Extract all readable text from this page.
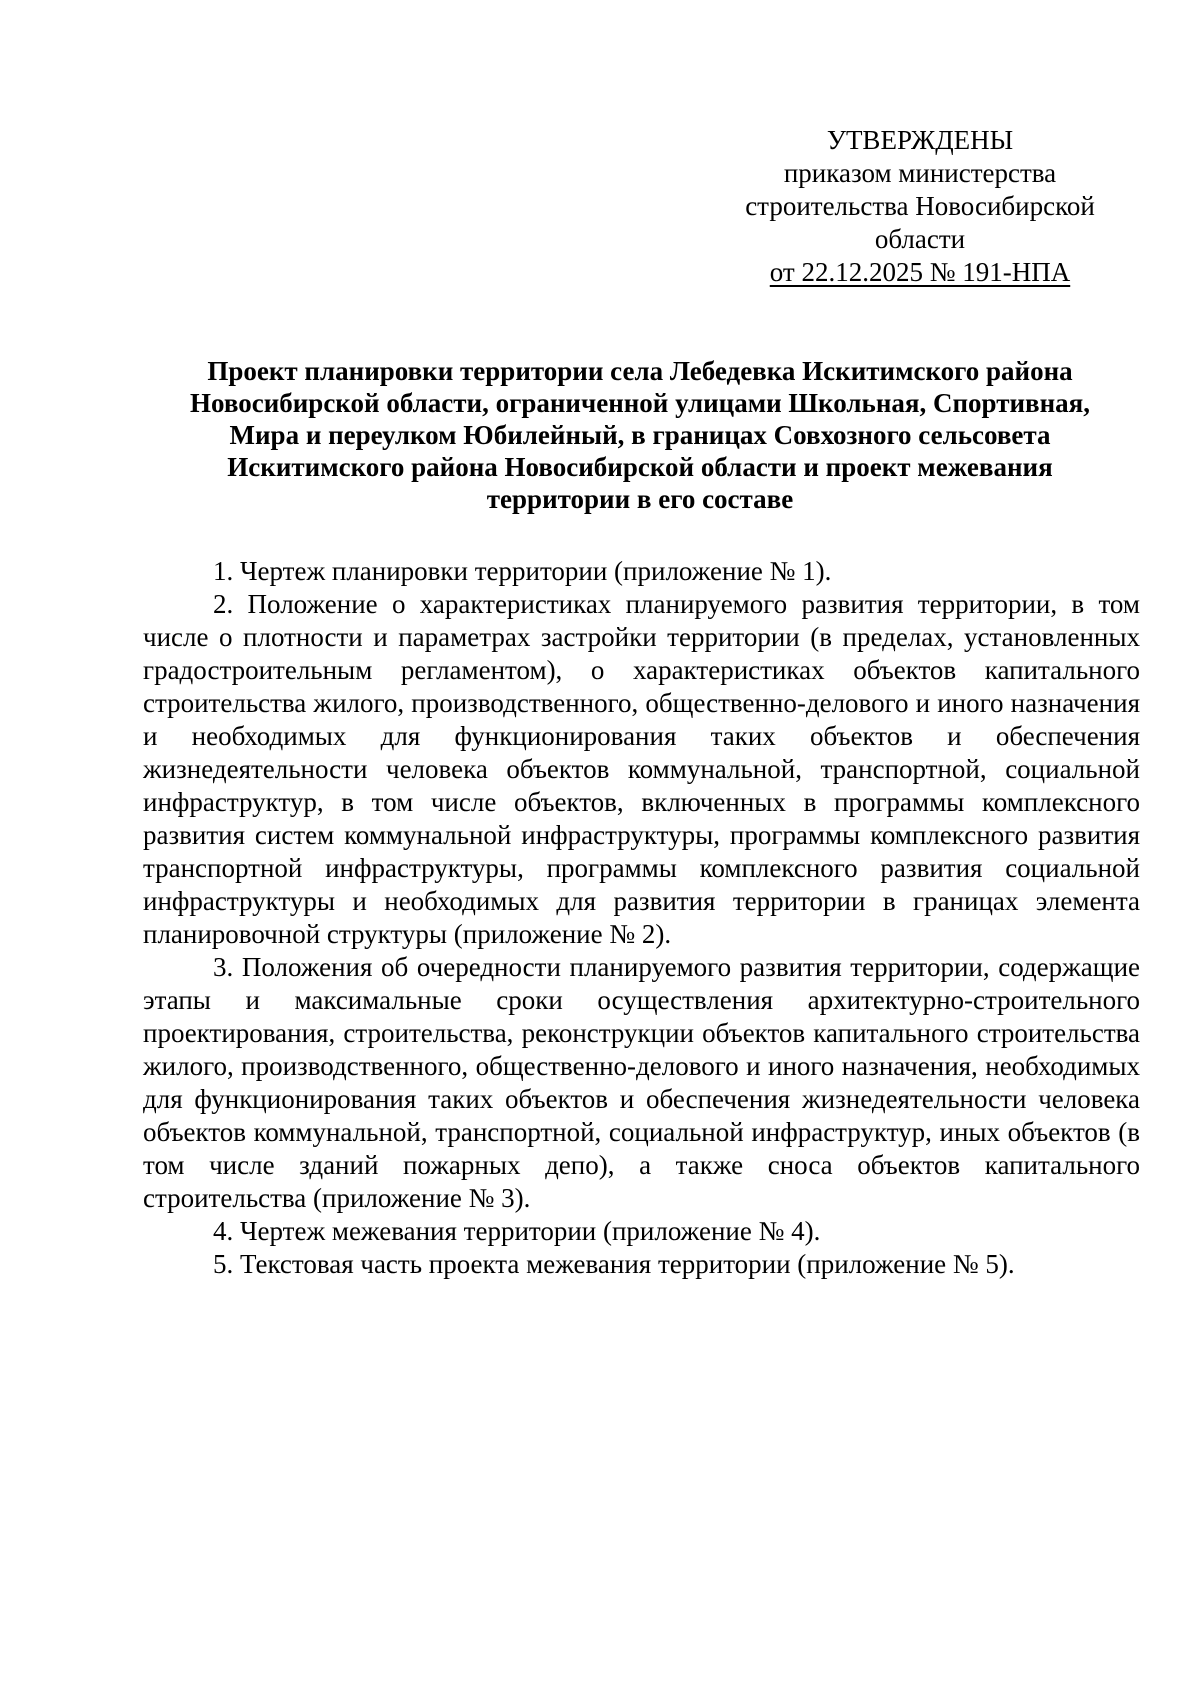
УТВЕРЖДЕНЫ
приказом министерства
строительства Новосибирской
области
от 22.12.2025 № 191-НПА
Проект планировки территории села Лебедевка Искитимского района
Новосибирской области, ограниченной улицами Школьная, Спортивная,
Мира и переулком Юбилейный, в границах Совхозного сельсовета
Искитимского района Новосибирской области и проект межевания
территории в его составе

1. Чертеж планировки территории (приложение № 1).

2. Положение о характеристиках планируемого развития территории, в том числе о плотности и параметрах застройки территории (в пределах, установленных градостроительным регламентом), о характеристиках объектов капитального строительства жилого, производственного, общественно-делового и иного назначения и необходимых для функционирования таких объектов и обеспечения жизнедеятельности человека объектов коммунальной, транспортной, социальной инфраструктур, в том числе объектов, включенных в программы комплексного развития систем коммунальной инфраструктуры, программы комплексного развития транспортной инфраструктуры, программы комплексного развития социальной инфраструктуры и необходимых для развития территории в границах элемента планировочной структуры (приложение № 2).

3. Положения об очередности планируемого развития территории, содержащие этапы и максимальные сроки осуществления архитектурно-строительного проектирования, строительства, реконструкции объектов капитального строительства жилого, производственного, общественно-делового и иного назначения, необходимых для функционирования таких объектов и обеспечения жизнедеятельности человека объектов коммунальной, транспортной, социальной инфраструктур, иных объектов (в том числе зданий пожарных депо), а также сноса объектов капитального строительства (приложение № 3).

4. Чертеж межевания территории (приложение № 4).

5. Текстовая часть проекта межевания территории (приложение № 5).
